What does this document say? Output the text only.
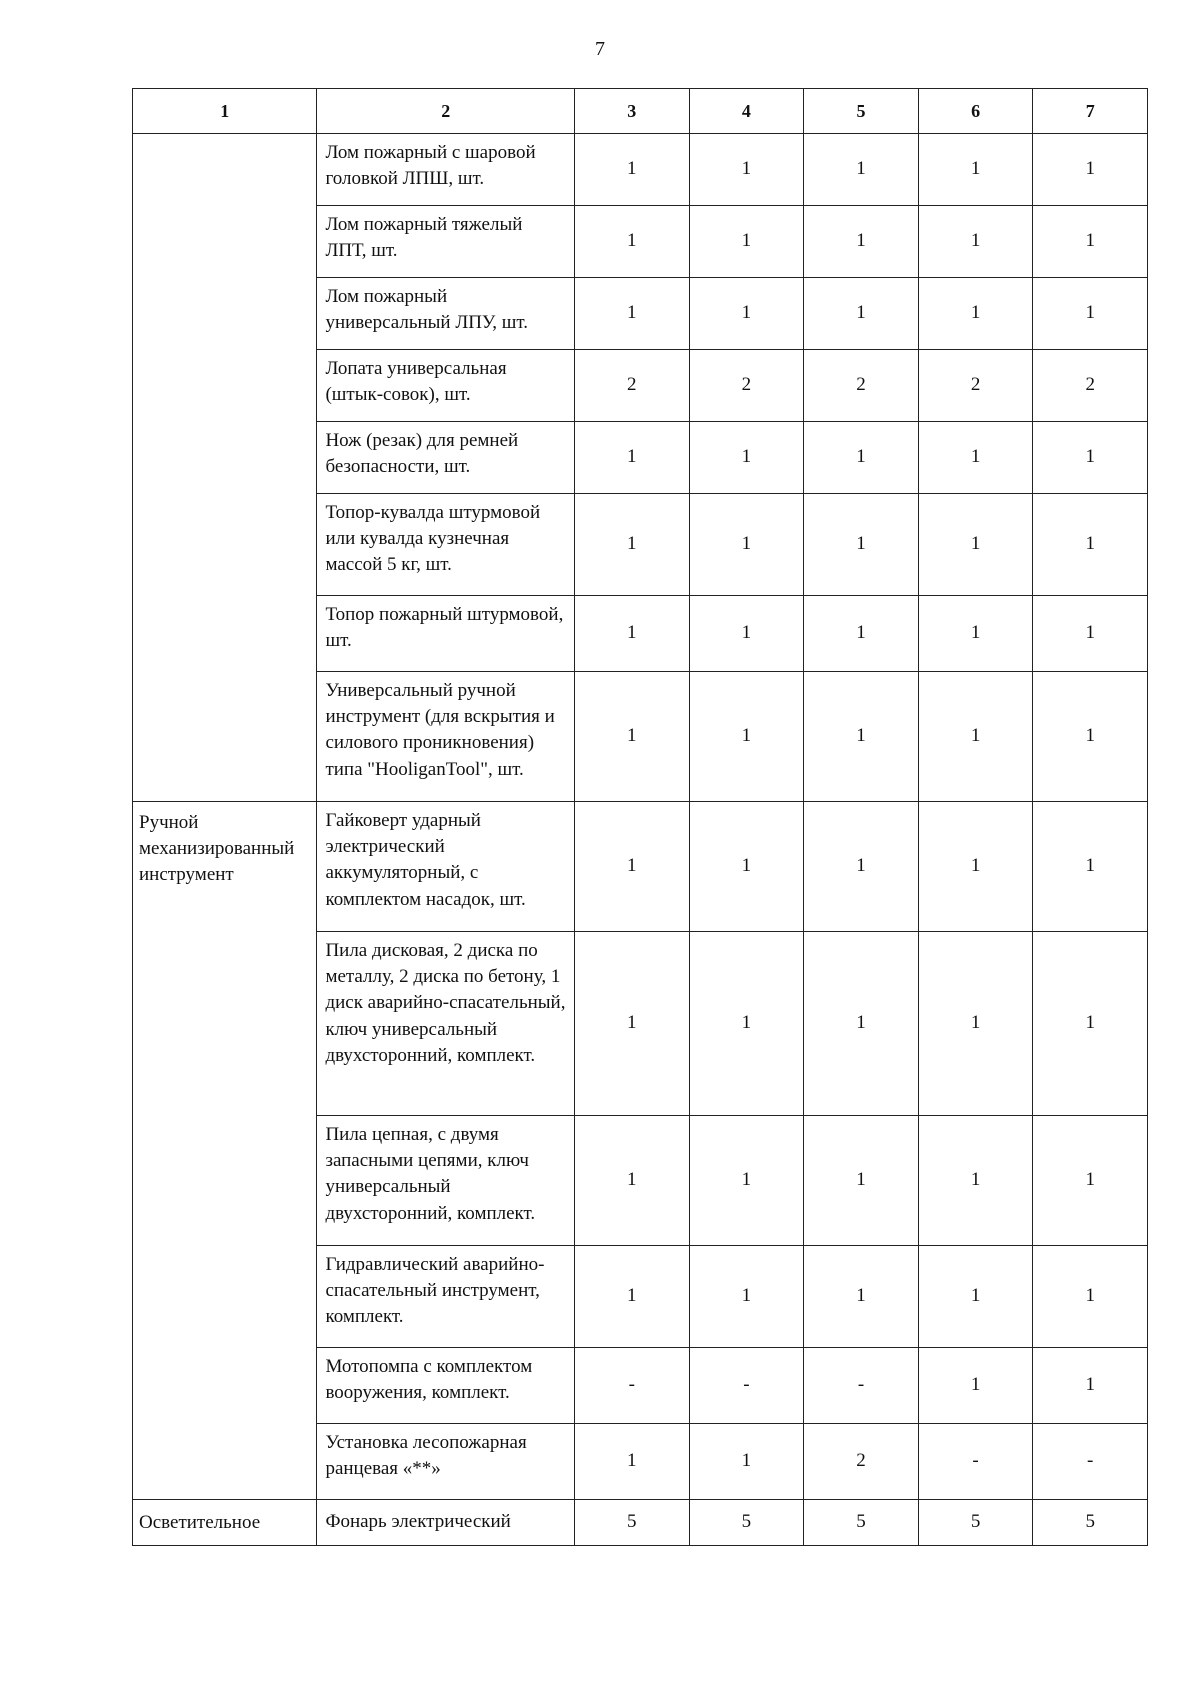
7
1	2	3	4	5	6	7
	Лом пожарный с шаровой головкой ЛПШ, шт.	1	1	1	1	1
	Лом пожарный тяжелый ЛПТ, шт.	1	1	1	1	1
	Лом пожарный универсальный ЛПУ, шт.	1	1	1	1	1
	Лопата универсальная (штык-совок), шт.	2	2	2	2	2
	Нож (резак) для ремней безопасности, шт.	1	1	1	1	1
	Топор-кувалда штурмовой или кувалда кузнечная массой 5 кг, шт.	1	1	1	1	1
	Топор пожарный штурмовой, шт.	1	1	1	1	1
	Универсальный ручной инструмент (для вскрытия и силового проникновения) типа "HooliganTool", шт.	1	1	1	1	1
Ручной механизированный инструмент	Гайковерт ударный электрический аккумуляторный, с комплектом насадок, шт.	1	1	1	1	1
	Пила дисковая, 2 диска по металлу, 2 диска по бетону, 1 диск аварийно-спасательный, ключ универсальный двухсторонний, комплект.	1	1	1	1	1
	Пила цепная, с двумя запасными цепями, ключ универсальный двухсторонний, комплект.	1	1	1	1	1
	Гидравлический аварийно-спасательный инструмент, комплект.	1	1	1	1	1
	Мотопомпа с комплектом вооружения, комплект.	-	-	-	1	1
	Установка лесопожарная ранцевая «**»	1	1	2	-	-
Осветительное	Фонарь электрический	5	5	5	5	5
